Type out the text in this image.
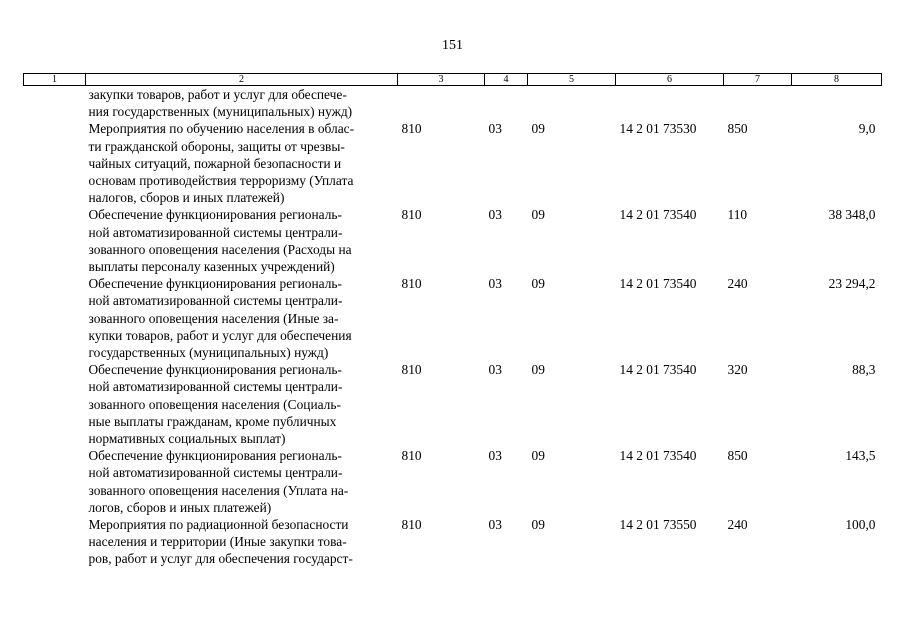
151
1	2	3	4	5	6	7	8

	закупки товаров, работ и услуг для обеспече-
ния государственных (муниципальных) нужд)						

	Мероприятия по обучению населения в облас-
ти гражданской обороны, защиты от чрезвы-
чайных ситуаций, пожарной безопасности и
основам противодействия терроризму (Уплата
налогов, сборов и иных платежей)	810	03	09	14 2 01 73530	850	9,0

	Обеспечение функционирования региональ-
ной автоматизированной системы централи-
зованного оповещения населения (Расходы на
выплаты персоналу казенных учреждений)	810	03	09	14 2 01 73540	110	38 348,0

	Обеспечение функционирования региональ-
ной автоматизированной системы централи-
зованного оповещения населения (Иные за-
купки товаров, работ и услуг для обеспечения
государственных (муниципальных) нужд)	810	03	09	14 2 01 73540	240	23 294,2

	Обеспечение функционирования региональ-
ной автоматизированной системы централи-
зованного оповещения населения (Социаль-
ные выплаты гражданам, кроме публичных
нормативных социальных выплат)	810	03	09	14 2 01 73540	320	88,3

	Обеспечение функционирования региональ-
ной автоматизированной системы централи-
зованного оповещения населения (Уплата на-
логов, сборов и иных платежей)	810	03	09	14 2 01 73540	850	143,5

	Мероприятия по радиационной безопасности
населения и территории (Иные закупки това-
ров, работ и услуг для обеспечения государст-	810	03	09	14 2 01 73550	240	100,0
